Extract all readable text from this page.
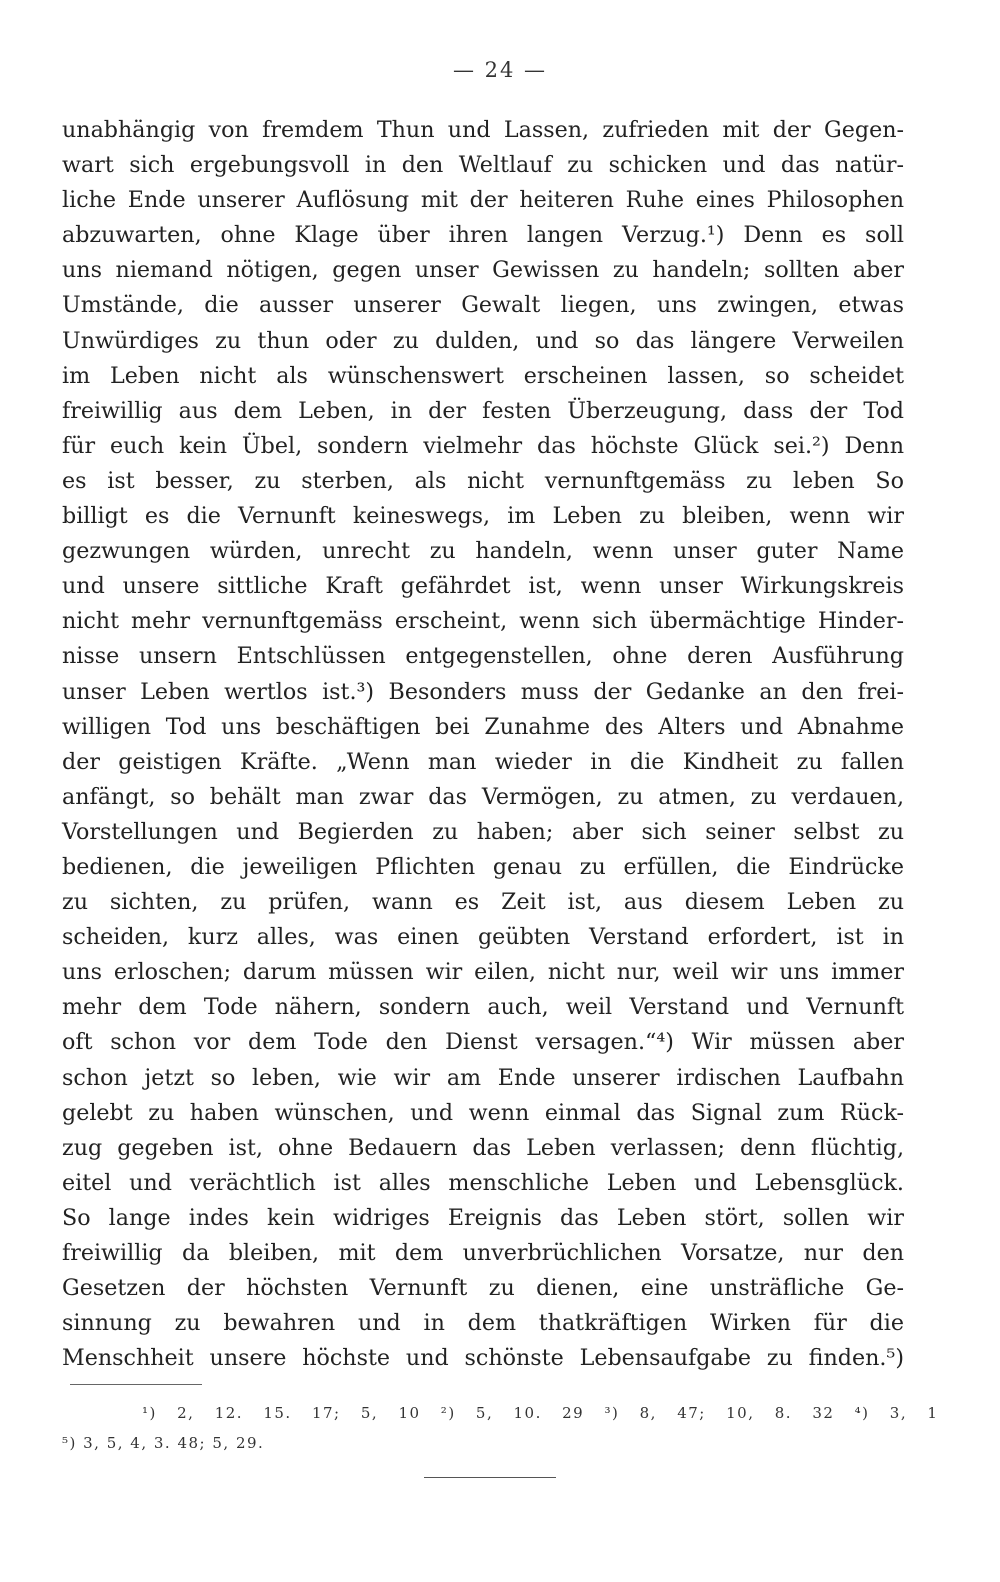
— 24 —
unabhängig von fremdem Thun und Lassen, zufrieden mit der Gegen-
wart sich ergebungsvoll in den Weltlauf zu schicken und das natür-
liche Ende unserer Auflösung mit der heiteren Ruhe eines Philosophen
abzuwarten, ohne Klage über ihren langen Verzug.¹) Denn es soll
uns niemand nötigen, gegen unser Gewissen zu handeln; sollten aber
Umstände, die ausser unserer Gewalt liegen, uns zwingen, etwas
Unwürdiges zu thun oder zu dulden, und so das längere Verweilen
im Leben nicht als wünschenswert erscheinen lassen, so scheidet
freiwillig aus dem Leben, in der festen Überzeugung, dass der Tod
für euch kein Übel, sondern vielmehr das höchste Glück sei.²) Denn
es ist besser, zu sterben, als nicht vernunftgemäss zu leben So
billigt es die Vernunft keineswegs, im Leben zu bleiben, wenn wir
gezwungen würden, unrecht zu handeln, wenn unser guter Name
und unsere sittliche Kraft gefährdet ist, wenn unser Wirkungskreis
nicht mehr vernunftgemäss erscheint, wenn sich übermächtige Hinder-
nisse unsern Entschlüssen entgegenstellen, ohne deren Ausführung
unser Leben wertlos ist.³) Besonders muss der Gedanke an den frei-
willigen Tod uns beschäftigen bei Zunahme des Alters und Abnahme
der geistigen Kräfte. „Wenn man wieder in die Kindheit zu fallen
anfängt, so behält man zwar das Vermögen, zu atmen, zu verdauen,
Vorstellungen und Begierden zu haben; aber sich seiner selbst zu
bedienen, die jeweiligen Pflichten genau zu erfüllen, die Eindrücke
zu sichten, zu prüfen, wann es Zeit ist, aus diesem Leben zu
scheiden, kurz alles, was einen geübten Verstand erfordert, ist in
uns erloschen; darum müssen wir eilen, nicht nur, weil wir uns immer
mehr dem Tode nähern, sondern auch, weil Verstand und Vernunft
oft schon vor dem Tode den Dienst versagen.“⁴) Wir müssen aber
schon jetzt so leben, wie wir am Ende unserer irdischen Laufbahn
gelebt zu haben wünschen, und wenn einmal das Signal zum Rück-
zug gegeben ist, ohne Bedauern das Leben verlassen; denn flüchtig,
eitel und verächtlich ist alles menschliche Leben und Lebensglück.
So lange indes kein widriges Ereignis das Leben stört, sollen wir
freiwillig da bleiben, mit dem unverbrüchlichen Vorsatze, nur den
Gesetzen der höchsten Vernunft zu dienen, eine unsträfliche Ge-
sinnung zu bewahren und in dem thatkräftigen Wirken für die
Menschheit unsere höchste und schönste Lebensaufgabe zu finden.⁵)
¹) 2, 12. 15. 17; 5, 10 ²) 5, 10. 29 ³) 8, 47; 10, 8. 32 ⁴) 3, 1
⁵) 3, 5, 4, 3. 48; 5, 29.
